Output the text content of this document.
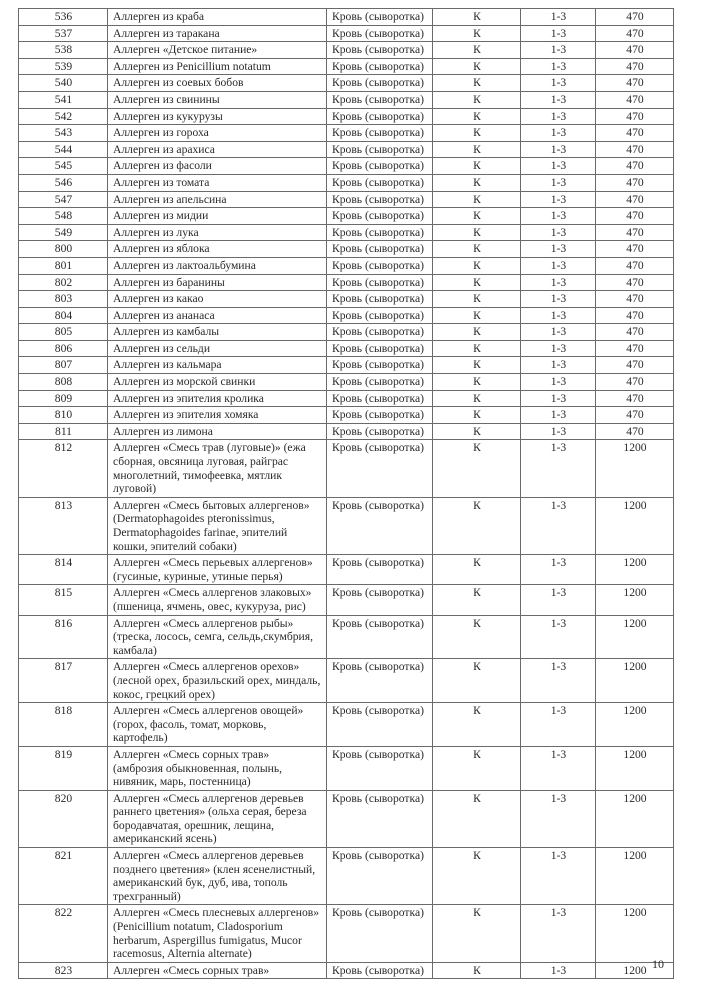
536	Аллерген из краба	Кровь (сыворотка)	К	1-3	470
537	Аллерген из таракана	Кровь (сыворотка)	К	1-3	470
538	Аллерген «Детское питание»	Кровь (сыворотка)	К	1-3	470
539	Аллерген из Penicillium notatum	Кровь (сыворотка)	К	1-3	470
540	Аллерген из соевых бобов	Кровь (сыворотка)	К	1-3	470
541	Аллерген из свинины	Кровь (сыворотка)	К	1-3	470
542	Аллерген из кукурузы	Кровь (сыворотка)	К	1-3	470
543	Аллерген из гороха	Кровь (сыворотка)	К	1-3	470
544	Аллерген из арахиса	Кровь (сыворотка)	К	1-3	470
545	Аллерген из фасоли	Кровь (сыворотка)	К	1-3	470
546	Аллерген из томата	Кровь (сыворотка)	К	1-3	470
547	Аллерген из апельсина	Кровь (сыворотка)	К	1-3	470
548	Аллерген из мидии	Кровь (сыворотка)	К	1-3	470
549	Аллерген из лука	Кровь (сыворотка)	К	1-3	470
800	Аллерген из яблока	Кровь (сыворотка)	К	1-3	470
801	Аллерген из лактоальбумина	Кровь (сыворотка)	К	1-3	470
802	Аллерген из баранины	Кровь (сыворотка)	К	1-3	470
803	Аллерген из какао	Кровь (сыворотка)	К	1-3	470
804	Аллерген из ананаса	Кровь (сыворотка)	К	1-3	470
805	Аллерген из камбалы	Кровь (сыворотка)	К	1-3	470
806	Аллерген из сельди	Кровь (сыворотка)	К	1-3	470
807	Аллерген из кальмара	Кровь (сыворотка)	К	1-3	470
808	Аллерген из морской свинки	Кровь (сыворотка)	К	1-3	470
809	Аллерген из эпителия кролика	Кровь (сыворотка)	К	1-3	470
810	Аллерген из эпителия хомяка	Кровь (сыворотка)	К	1-3	470
811	Аллерген из лимона	Кровь (сыворотка)	К	1-3	470
812	Аллерген «Смесь трав (луговые)» (ежа сборная, овсяница луговая, райграс многолетний, тимофеевка, мятлик луговой)	Кровь (сыворотка)	К	1-3	1200
813	Аллерген «Смесь бытовых аллергенов» (Dermatophagoides pteronissimus, Dermatophagoides farinae, эпителий кошки, эпителий собаки)	Кровь (сыворотка)	К	1-3	1200
814	Аллерген «Смесь перьевых аллергенов» (гусиные, куриные, утиные перья)	Кровь (сыворотка)	К	1-3	1200
815	Аллерген «Смесь аллергенов злаковых» (пшеница, ячмень, овес, кукуруза, рис)	Кровь (сыворотка)	К	1-3	1200
816	Аллерген «Смесь аллергенов рыбы» (треска, лосось, семга, сельдь,скумбрия, камбала)	Кровь (сыворотка)	К	1-3	1200
817	Аллерген «Смесь аллергенов орехов» (лесной орех, бразильский орех, миндаль, кокос, грецкий орех)	Кровь (сыворотка)	К	1-3	1200
818	Аллерген «Смесь аллергенов овощей» (горох, фасоль, томат, морковь, картофель)	Кровь (сыворотка)	К	1-3	1200
819	Аллерген «Смесь сорных трав» (амброзия обыкновенная, полынь, нивяник, марь, постенница)	Кровь (сыворотка)	К	1-3	1200
820	Аллерген «Смесь аллергенов деревьев раннего цветения» (ольха серая, береза бородавчатая, орешник, лещина, американский ясень)	Кровь (сыворотка)	К	1-3	1200
821	Аллерген «Смесь аллергенов деревьев позднего цветения» (клен ясенелистный, американский бук, дуб, ива, тополь трехгранный)	Кровь (сыворотка)	К	1-3	1200
822	Аллерген «Смесь плесневых аллергенов» (Penicillium notatum, Cladosporium herbarum, Aspergillus fumigatus, Mucor racemosus, Alternia alternate)	Кровь (сыворотка)	К	1-3	1200
823	Аллерген «Смесь сорных трав»	Кровь (сыворотка)	К	1-3	1200 10
